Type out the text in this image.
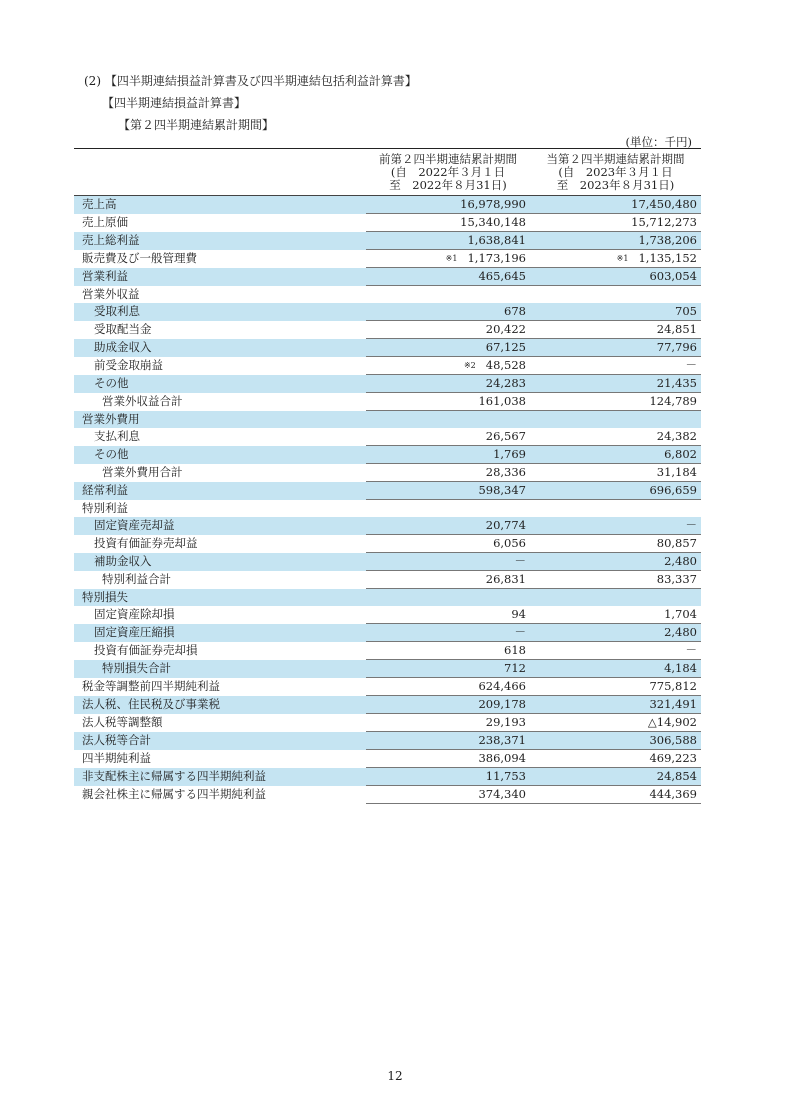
(2) 【四半期連結損益計算書及び四半期連結包括利益計算書】
【四半期連結損益計算書】
【第２四半期連結累計期間】
(単位：千円)

	前第２四半期連結累計期間
(自　2022年３月１日
至　2022年８月31日)	当第２四半期連結累計期間
(自　2023年３月１日
至　2023年８月31日)

売上高	16,978,990	17,450,480
売上原価	15,340,148	15,712,273
売上総利益	1,638,841	1,738,206
販売費及び一般管理費	※1 1,173,196	※1 1,135,152
営業利益	465,645	603,054
営業外収益		
受取利息	678	705
受取配当金	20,422	24,851
助成金収入	67,125	77,796
前受金取崩益	※2 48,528	－
その他	24,283	21,435
営業外収益合計	161,038	124,789
営業外費用		
支払利息	26,567	24,382
その他	1,769	6,802
営業外費用合計	28,336	31,184
経常利益	598,347	696,659
特別利益		
固定資産売却益	20,774	－
投資有価証券売却益	6,056	80,857
補助金収入	－	2,480
特別利益合計	26,831	83,337
特別損失		
固定資産除却損	94	1,704
固定資産圧縮損	－	2,480
投資有価証券売却損	618	－
特別損失合計	712	4,184
税金等調整前四半期純利益	624,466	775,812
法人税、住民税及び事業税	209,178	321,491
法人税等調整額	29,193	△14,902
法人税等合計	238,371	306,588
四半期純利益	386,094	469,223
非支配株主に帰属する四半期純利益	11,753	24,854
親会社株主に帰属する四半期純利益	374,340	444,369
12
